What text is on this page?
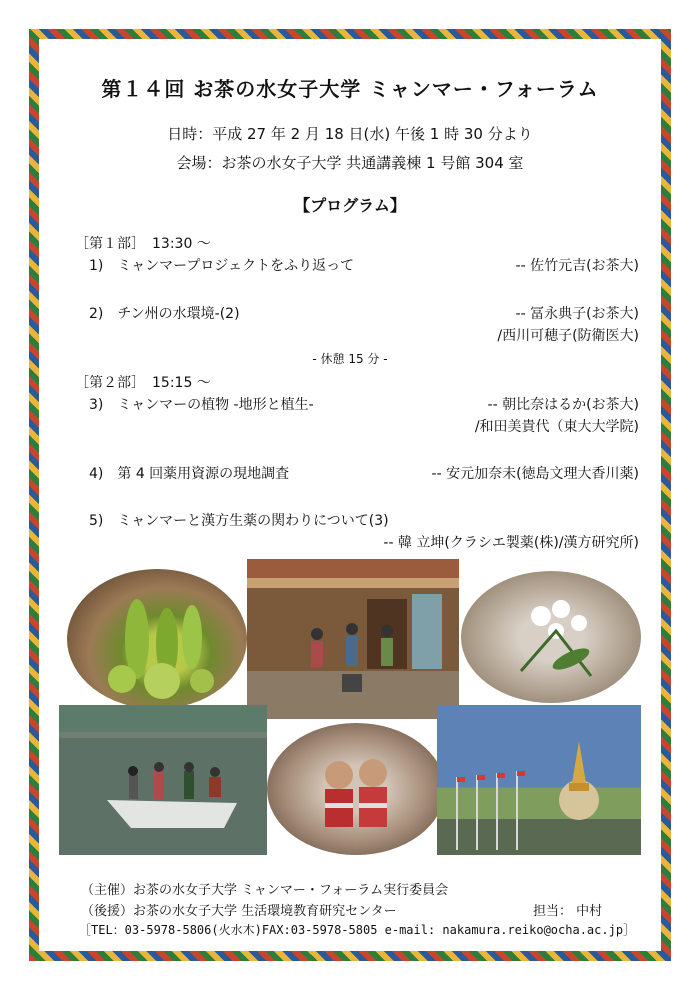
第１４回 お茶の水女子大学 ミャンマー・フォーラム
日時：平成 27 年 2 月 18 日(水) 午後 1 時 30 分より
会場：お茶の水女子大学 共通講義棟 1 号館 304 室
【プログラム】
［第１部］　13:30 ～
1)　ミャンマープロジェクトをふり返って	-- 佐竹元吉(お茶大)
2)　チン州の水環境-(2)	-- 冨永典子(お茶大)
/西川可穂子(防衛医大)
- 休憩 15 分 -
［第２部］　15:15 ～
3)　ミャンマーの植物 -地形と植生-	-- 朝比奈はるか(お茶大)
/和田美貴代（東大大学院)
4)　第 4 回薬用資源の現地調査	-- 安元加奈未(徳島文理大香川薬)
5)　ミャンマーと漢方生薬の関わりについて(3)
-- 韓 立坤(クラシエ製薬(株)/漢方研究所)
（主催）お茶の水女子大学 ミャンマー・フォーラム実行委員会
（後援）お茶の水女子大学 生活環境教育研究センター	担当： 中村
［TEL：03-5978-5806(火水木)FAX:03-5978-5805 e-mail: nakamura.reiko@ocha.ac.jp］
